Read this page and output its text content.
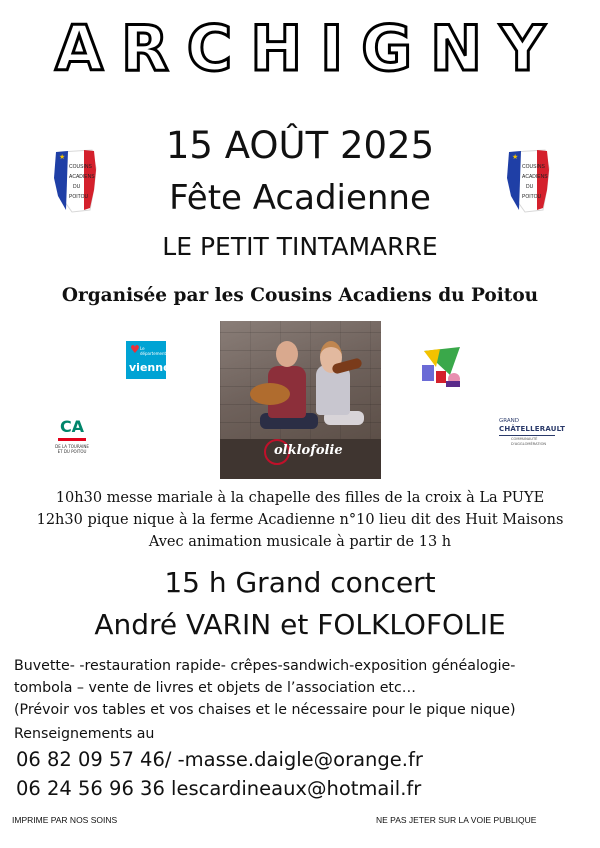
ARCHIGNY
15 AOÛT 2025
Fête Acadienne
LE PETIT TINTAMARRE
Organisée par les Cousins Acadiens du Poitou
★
COUSINS
ACADIENS
DU
POITOU
★
COUSINS
ACADIENS
DU
POITOU
♥ Le département
vienne
olklofolie
CA
DE LA TOURAINE
ET DU POITOU
GRAND
CHÂTELLERAULT
COMMUNAUTÉ
D'AGGLOMÉRATION
10h30 messe mariale à la chapelle des filles de la croix à La PUYE
12h30 pique nique à la ferme Acadienne n°10 lieu dit des Huit Maisons
Avec animation musicale à partir de 13 h
15 h Grand concert
André VARIN et FOLKLOFOLIE
Buvette- -restauration rapide- crêpes-sandwich-exposition généalogie-
tombola – vente de livres et objets de l’association etc…
(Prévoir vos tables et vos chaises et le nécessaire pour le pique nique)
Renseignements au
06 82 09 57 46/ -masse.daigle@orange.fr
06 24 56 96 36 lescardineaux@hotmail.fr
IMPRIME PAR NOS SOINS	NE PAS JETER SUR LA VOIE PUBLIQUE
